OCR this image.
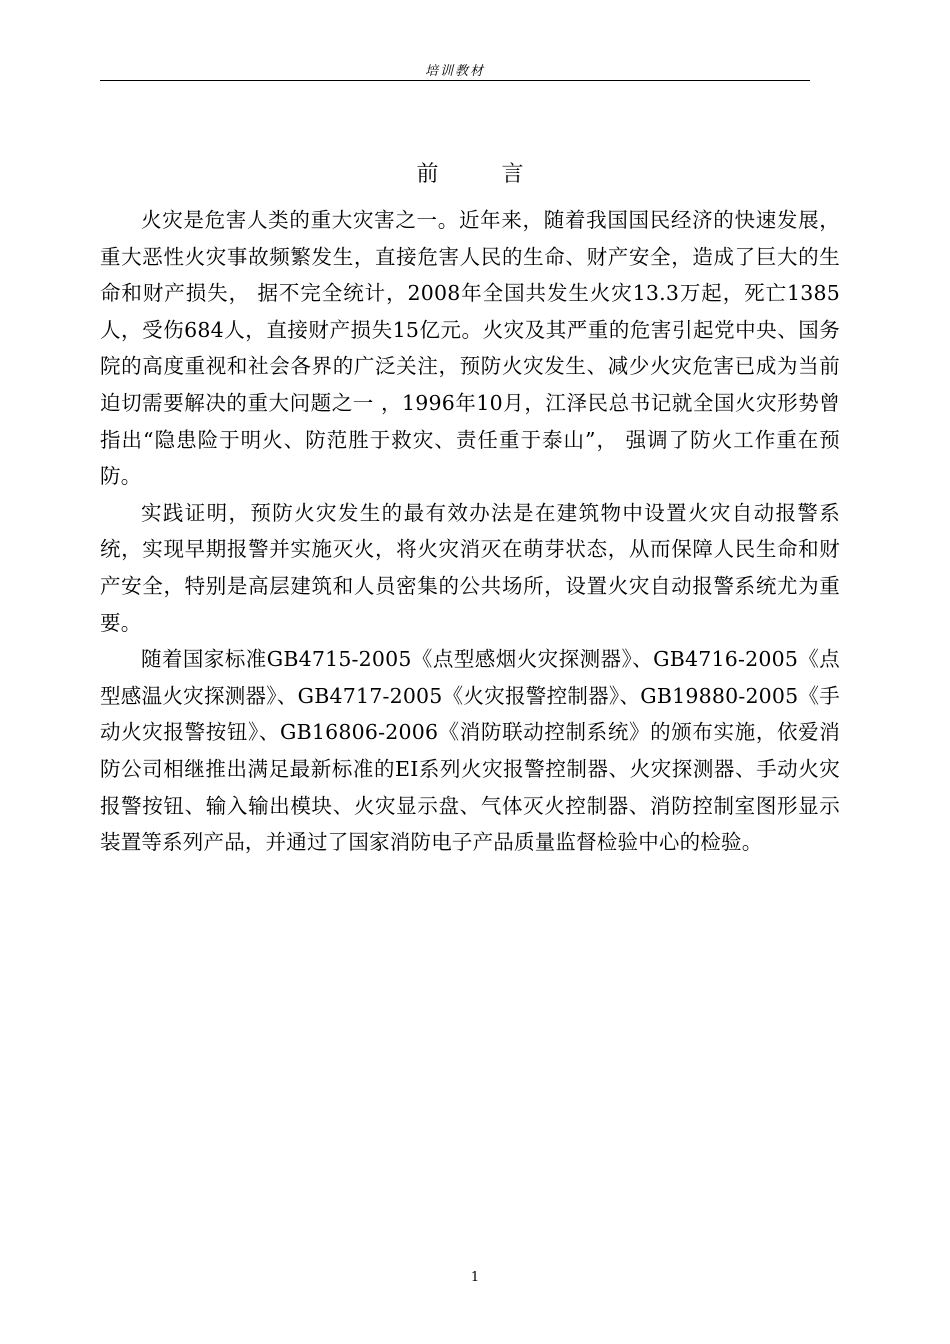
培训教材
前 言

火灾是危害人类的重大灾害之一。近年来，随着我国国民经济的快速发展，重大恶性火灾事故频繁发生，直接危害人民的生命、财产安全，造成了巨大的生命和财产损失， 据不完全统计，2008年全国共发生火灾13.3万起，死亡1385人，受伤684人，直接财产损失15亿元。火灾及其严重的危害引起党中央、国务院的高度重视和社会各界的广泛关注，预防火灾发生、减少火灾危害已成为当前迫切需要解决的重大问题之一 ，1996年10月，江泽民总书记就全国火灾形势曾指出“隐患险于明火、防范胜于救灾、责任重于泰山”， 强调了防火工作重在预防。

实践证明，预防火灾发生的最有效办法是在建筑物中设置火灾自动报警系统，实现早期报警并实施灭火，将火灾消灭在萌芽状态，从而保障人民生命和财产安全，特别是高层建筑和人员密集的公共场所，设置火灾自动报警系统尤为重要。

随着国家标准GB4715-2005《点型感烟火灾探测器》、GB4716-2005《点型感温火灾探测器》、GB4717-2005《火灾报警控制器》、GB19880-2005《手动火灾报警按钮》、GB16806-2006《消防联动控制系统》的颁布实施，依爱消防公司相继推出满足最新标准的EI系列火灾报警控制器、火灾探测器、手动火灾报警按钮、输入输出模块、火灾显示盘、气体灭火控制器、消防控制室图形显示装置等系列产品，并通过了国家消防电子产品质量监督检验中心的检验。

1
